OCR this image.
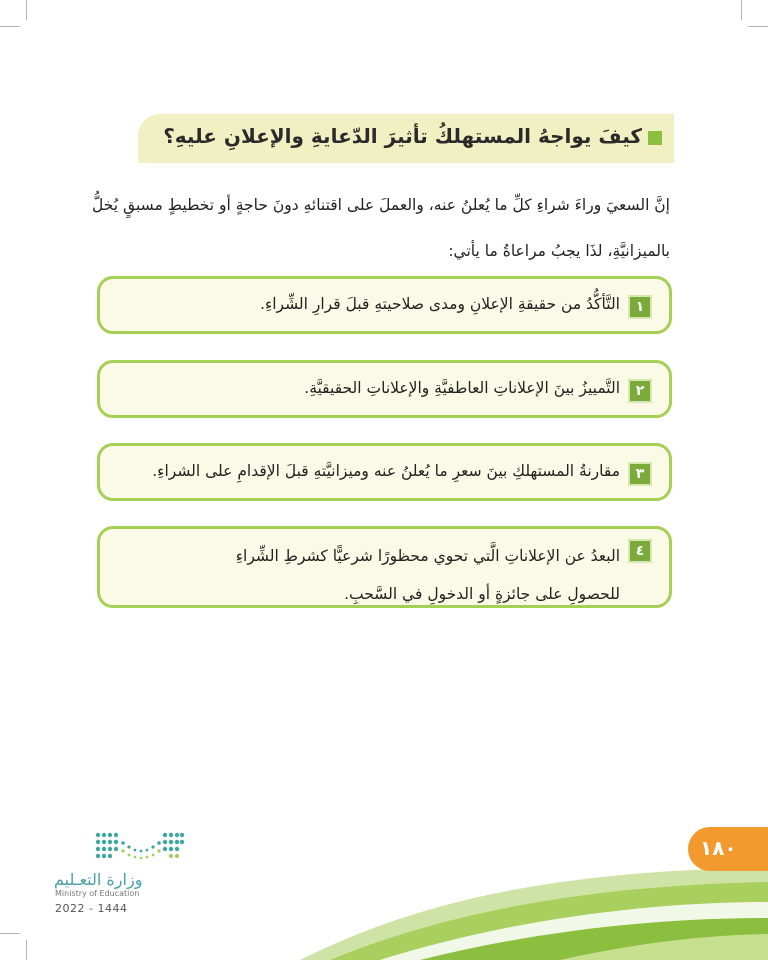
كيفَ يواجهُ المستهلكُ تأثيرَ الدّعايةِ والإعلانِ عليهِ؟
إنَّ السعيَ وراءَ شراءِ كلِّ ما يُعلنُ عنه، والعملَ على اقتنائهِ دونَ حاجةٍ أو تخطيطٍ مسبقٍ يُخلُّ بالميزانيَّةِ، لذَا يجبُ مراعاةُ ما يأتي:
١
التَّأكُّدُ من حقيقةِ الإعلانِ ومدى صلاحيتهِ قبلَ قرارِ الشِّراءِ.
٢
التَّمييزُ بينَ الإعلاناتِ العاطفيَّةِ والإعلاناتِ الحقيقيَّةِ.
٣
مقارنةُ المستهلكِ بينَ سعرِ ما يُعلنُ عنه وميزانيَّتهِ قبلَ الإقدامِ على الشراءِ.
٤
البعدُ عن الإعلاناتِ الَّتي تحوي محظورًا شرعيًّا كشرطِ الشِّراءِ للحصولِ على جائزةٍ أو الدخولِ في السَّحبِ.
١٨٠
وزارة التعـليم
Ministry of Education
2022 - 1444
